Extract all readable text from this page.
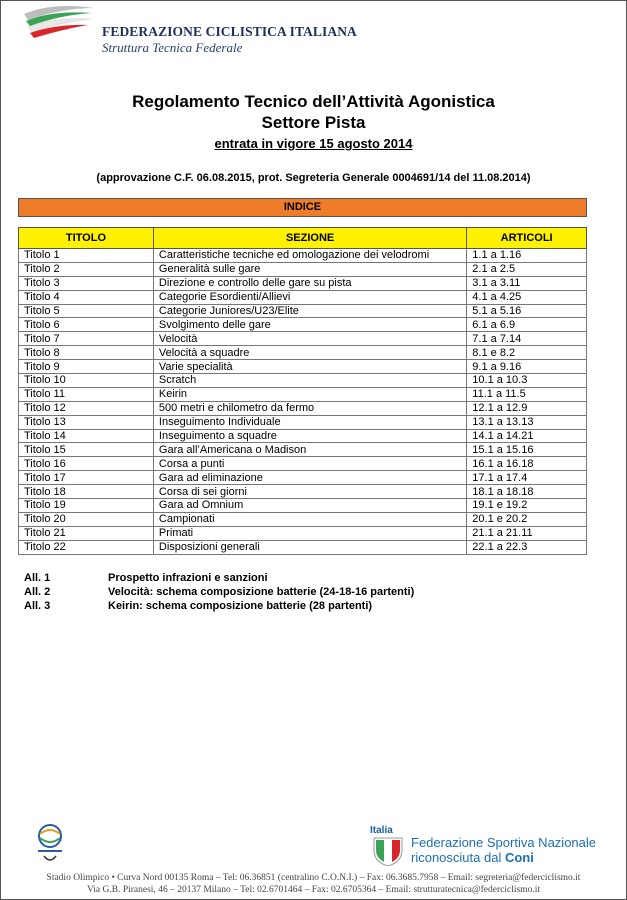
FEDERAZIONE CICLISTICA ITALIANA
Struttura Tecnica Federale
Regolamento Tecnico dell’Attività Agonistica
Settore Pista
entrata in vigore 15 agosto 2014
(approvazione C.F. 06.08.2015, prot. Segreteria Generale 0004691/14 del 11.08.2014)
INDICE
TITOLO	SEZIONE	ARTICOLI
Titolo 1	Caratteristiche tecniche ed omologazione dei velodromi	1.1 a 1.16
Titolo 2	Generalità sulle gare	2.1 a 2.5
Titolo 3	Direzione e controllo delle gare su pista	3.1 a 3.11
Titolo 4	Categorie Esordienti/Allievi	4.1 a 4.25
Titolo 5	Categorie Juniores/U23/Elite	5.1 a 5.16
Titolo 6	Svolgimento delle gare	6.1 a 6.9
Titolo 7	Velocità	7.1 a 7.14
Titolo 8	Velocità a squadre	8.1 e 8.2
Titolo 9	Varie specialità	9.1 a 9.16
Titolo 10	Scratch	10.1 a 10.3
Titolo 11	Keirin	11.1 a 11.5
Titolo 12	500 metri e chilometro da fermo	12.1 a 12.9
Titolo 13	Inseguimento Individuale	13.1 a 13.13
Titolo 14	Inseguimento a squadre	14.1 a 14.21
Titolo 15	Gara all’Americana o Madison	15.1 a 15.16
Titolo 16	Corsa a punti	16.1 a 16.18
Titolo 17	Gara ad eliminazione	17.1 a 17.4
Titolo 18	Corsa di sei giorni	18.1 a 18.18
Titolo 19	Gara ad Omnium	19.1 e 19.2
Titolo 20	Campionati	20.1 e 20.2
Titolo 21	Primati	21.1 a 21.11
Titolo 22	Disposizioni generali	22.1 a 22.3
All. 1	Prospetto infrazioni e sanzioni
All. 2	Velocità: schema composizione batterie (24-18-16 partenti)
All. 3	Keirin: schema composizione batterie (28 partenti)
Italia
Federazione Sportiva Nazionale
riconosciuta dal Coni
Stadio Olimpico • Curva Nord 00135 Roma – Tel: 06.36851 (centralino C.O.N.I.) – Fax: 06.3685.7958 – Email: segreteria@federciclismo.it
Via G.B. Piranesi, 46 – 20137 Milano – Tel: 02.6701464 – Fax: 02.6705364 – Email: strutturatecnica@federciclismo.it
